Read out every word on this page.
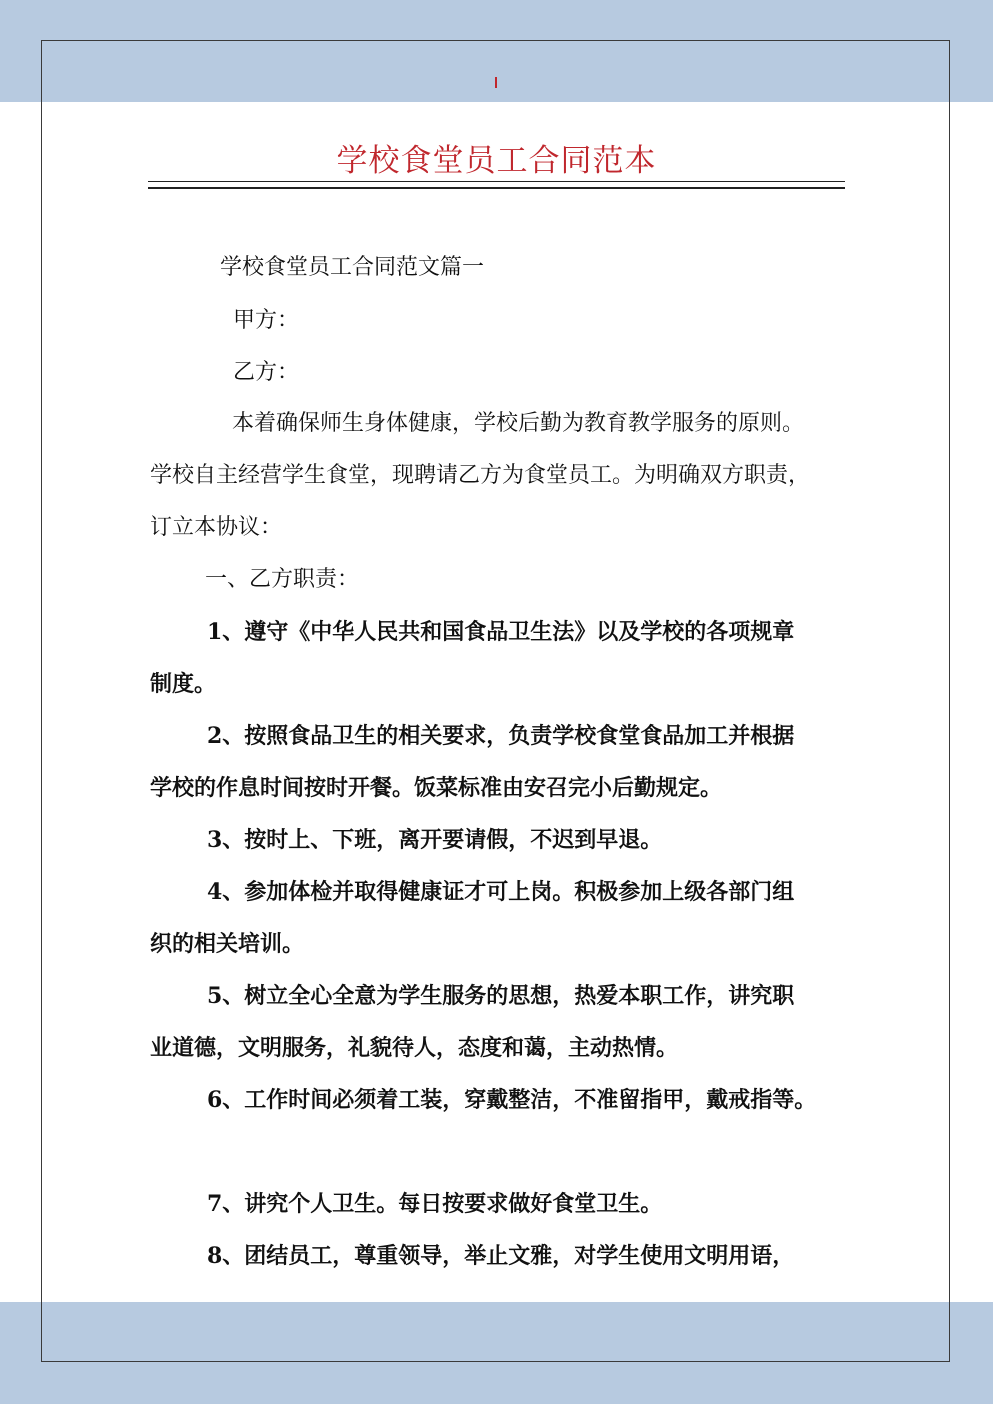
学校食堂员工合同范本

学校食堂员工合同范文篇一

甲方：

乙方：

本着确保师生身体健康，学校后勤为教育教学服务的原则。

学校自主经营学生食堂，现聘请乙方为食堂员工。为明确双方职责，

订立本协议：

一、乙方职责：

1、遵守《中华人民共和国食品卫生法》以及学校的各项规章

制度。

2、按照食品卫生的相关要求，负责学校食堂食品加工并根据

学校的作息时间按时开餐。饭菜标准由安召完小后勤规定。

3、按时上、下班，离开要请假，不迟到早退。

4、参加体检并取得健康证才可上岗。积极参加上级各部门组

织的相关培训。

5、树立全心全意为学生服务的思想，热爱本职工作，讲究职

业道德，文明服务，礼貌待人，态度和蔼，主动热情。

6、工作时间必须着工装，穿戴整洁，不准留指甲，戴戒指等。

7、讲究个人卫生。每日按要求做好食堂卫生。

8、团结员工，尊重领导，举止文雅，对学生使用文明用语，
